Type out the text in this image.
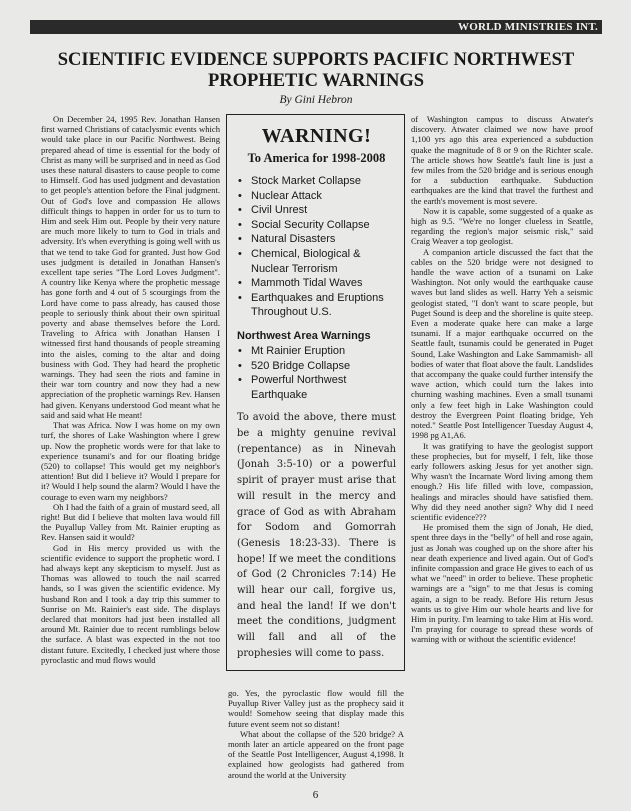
WORLD MINISTRIES INT.
SCIENTIFIC EVIDENCE SUPPORTS PACIFIC NORTHWEST
PROPHETIC WARNINGS
By Gini Hebron

On December 24, 1995 Rev. Jonathan Hansen first warned Christians of cataclysmic events which would take place in our Pacific Northwest. Being prepared ahead of time is essential for the body of Christ as many will be surprised and in need as God uses these natural disasters to cause people to come to Himself. God has used judgment and devastation to get people's attention before the Final judgment. Out of God's love and compassion He allows difficult things to happen in order for us to turn to Him and seek Him out. People by their very nature are much more likely to turn to God in trials and adversity. It's when everything is going well with us that we tend to take God for granted. Just how God uses judgment is detailed in Jonathan Hansen's excellent tape series "The Lord Loves Judgment". A country like Kenya where the prophetic message has gone forth and 4 out of 5 scourgings from the Lord have come to pass already, has caused those people to seriously think about their own spiritual poverty and abase themselves before the Lord. Traveling to Africa with Jonathan Hansen I witnessed first hand thousands of people streaming into the aisles, coming to the altar and doing business with God. They had heard the prophetic warnings. They had seen the riots and famine in their war torn country and now they had a new appreciation of the prophetic warnings Rev. Hansen had given. Kenyans understood God meant what he said and said what He meant!

That was Africa. Now I was home on my own turf, the shores of Lake Washington where I grew up. Now the prophetic words were for that lake to experience tsunami's and for our floating bridge (520) to collapse! This would get my neighbor's attention! But did I believe it? Would I prepare for it? Would I help sound the alarm? Would I have the courage to even warn my neighbors?

Oh I had the faith of a grain of mustard seed, all right! But did I believe that molten lava would fill the Puyallup Valley from Mt. Rainier erupting as Rev. Hansen said it would?

God in His mercy provided us with the scientific evidence to support the prophetic word. I had always kept any skepticism to myself. Just as Thomas was allowed to touch the nail scarred hands, so I was given the scientific evidence. My husband Ron and I took a day trip this summer to Sunrise on Mt. Rainier's east side. The displays declared that monitors had just been installed all around Mt. Rainier due to recent rumblings below the surface. A blast was expected in the not too distant future. Excitedly, I checked just where those pyroclastic and mud flows would

WARNING!
To America for 1998-2008
• Stock Market Collapse
• Nuclear Attack
• Civil Unrest
• Social Security Collapse
• Natural Disasters
• Chemical, Biological & Nuclear Terrorism
• Mammoth Tidal Waves
• Earthquakes and Eruptions Throughout U.S.
Northwest Area Warnings
• Mt Rainier Eruption
• 520 Bridge Collapse
• Powerful Northwest Earthquake
To avoid the above, there must be a mighty genuine revival (repentance) as in Ninevah (Jonah 3:5-10) or a powerful spirit of prayer must arise that will result in the mercy and grace of God as with Abraham for Sodom and Gomorrah (Genesis 18:23-33). There is hope! If we meet the conditions of God (2 Chronicles 7:14) He will hear our call, forgive us, and heal the land! If we don't meet the conditions, judgment will fall and all of the prophesies will come to pass.

go. Yes, the pyroclastic flow would fill the Puyallup River Valley just as the prophecy said it would! Somehow seeing that display made this future event seem not so distant!

What about the collapse of the 520 bridge? A month later an article appeared on the front page of the Seattle Post Intelligencer, August 4,1998. It explained how geologists had gathered from around the world at the University

of Washington campus to discuss Atwater's discovery. Atwater claimed we now have proof 1,100 yrs ago this area experienced a subduction quake the magnitude of 8 or 9 on the Richter scale. The article shows how Seattle's fault line is just a few miles from the 520 bridge and is serious enough for a subduction earthquake. Subduction earthquakes are the kind that travel the furthest and the earth's movement is most severe.

Now it is capable, some suggested of a quake as high as 9.5. "We're no longer clueless in Seattle, regarding the region's major seismic risk," said Craig Weaver a top geologist.

A companion article discussed the fact that the cables on the 520 bridge were not designed to handle the wave action of a tsunami on Lake Washington. Not only would the earthquake cause waves but land slides as well. Harry Yeh a seismic geologist stated, "I don't want to scare people, but Puget Sound is deep and the shoreline is quite steep. Even a moderate quake here can make a large tsunami. If a major earthquake occurred on the Seattle fault, tsunamis could be generated in Puget Sound, Lake Washington and Lake Sammamish- all bodies of water that float above the fault. Landslides that accompany the quake could further intensify the wave action, which could turn the lakes into churning washing machines. Even a small tsunami only a few feet high in Lake Washington could destroy the Evergreen Point floating bridge, Yeh noted." Seattle Post Intelligencer Tuesday August 4, 1998 pg A1,A6.

It was gratifying to have the geologist support these prophecies, but for myself, I felt, like those early followers asking Jesus for yet another sign. Why wasn't the Incarnate Word living among them enough.? His life filled with love, compassion, healings and miracles should have satisfied them. Why did they need another sign? Why did I need scientific evidence???

He promised them the sign of Jonah, He died, spent three days in the "belly" of hell and rose again, just as Jonah was coughed up on the shore after his near death experience and lived again. Out of God's infinite compassion and grace He gives to each of us what we "need" in order to believe. These prophetic warnings are a "sign" to me that Jesus is coming again, a sign to be ready. Before His return Jesus wants us to give Him our whole hearts and live for Him in purity. I'm learning to take Him at His word. I'm praying for courage to spread these words of warning with or without the scientific evidence!

6
